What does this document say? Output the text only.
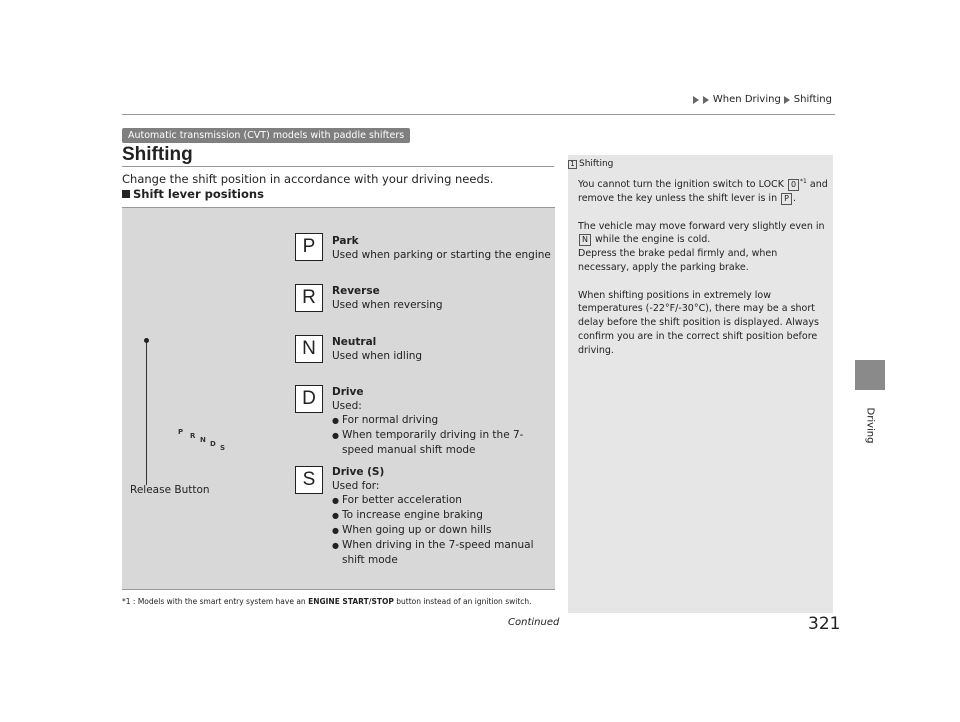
When Driving Shifting
Driving
Automatic transmission (CVT) models with paddle shifters
Shifting
Change the shift position in accordance with your driving needs.
Shift lever positions
Release Button
P R N D S
P	Park
Used when parking or starting the engine
R	Reverse
Used when reversing
N	Neutral
Used when idling
D	Drive
Used:
● For normal driving
● When temporarily driving in the 7-speed manual shift mode
S	Drive (S)
Used for:
● For better acceleration
● To increase engine braking
● When going up or down hills
● When driving in the 7-speed manual shift mode
*1 : Models with the smart entry system have an ENGINE START/STOP button instead of an ignition switch.
1 Shifting

You cannot turn the ignition switch to LOCK 0 $^{*1}$ and remove the key unless the shift lever is in P .

The vehicle may move forward very slightly even in N while the engine is cold.
Depress the brake pedal firmly and, when necessary, apply the parking brake.

When shifting positions in extremely low temperatures (-22°F/-30°C), there may be a short delay before the shift position is displayed. Always confirm you are in the correct shift position before driving.

Continued	321
